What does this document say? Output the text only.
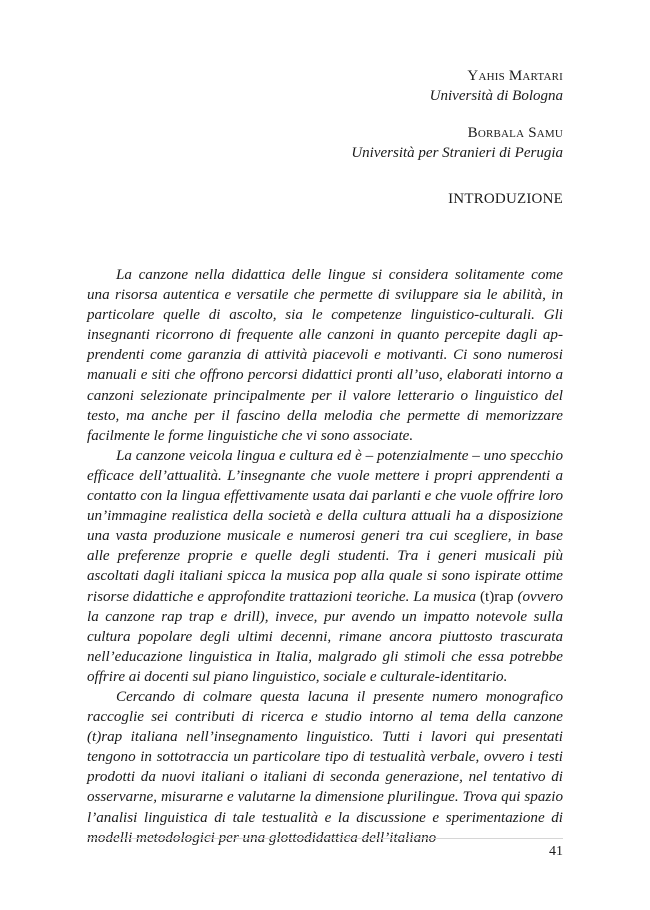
Yahis Martari
Università di Bologna
Borbala Samu
Università per Stranieri di Perugia
INTRODUZIONE

La canzone nella didattica delle lingue si considera solitamente come una risorsa autentica e versatile che permette di sviluppare sia le abilità, in particolare quelle di ascolto, sia le competenze linguistico-culturali. Gli insegnanti ricorrono di frequente alle canzoni in quanto percepite dagli apprendenti come garanzia di attività piacevoli e motivanti. Ci sono numerosi manuali e siti che offrono percorsi didattici pronti all’uso, elaborati intorno a canzoni selezionate principalmente per il valore letterario o linguistico del testo, ma anche per il fascino della melodia che permette di memorizzare facilmente le forme linguistiche che vi sono associate.

La canzone veicola lingua e cultura ed è – potenzialmente – uno specchio efficace dell’attualità. L’insegnante che vuole mettere i propri apprendenti a contatto con la lingua effettivamente usata dai parlanti e che vuole offrire loro un’immagine realistica della società e della cultura attuali ha a disposizione una vasta produzione musicale e numerosi generi tra cui scegliere, in base alle preferenze proprie e quelle degli studenti. Tra i generi musicali più ascoltati dagli italiani spicca la musica pop alla quale si sono ispirate ottime risorse didattiche e approfondite trattazioni teoriche. La musica (t)rap (ovvero la canzone rap trap e drill), invece, pur avendo un impatto notevole sulla cultura popolare degli ultimi decenni, rimane ancora piuttosto trascurata nell’educazione linguistica in Italia, malgrado gli stimoli che essa potrebbe offrire ai docenti sul piano linguistico, sociale e culturale-identitario.

Cercando di colmare questa lacuna il presente numero monografico raccoglie sei contributi di ricerca e studio intorno al tema della canzone (t)rap italiana nell’insegnamento linguistico. Tutti i lavori qui presentati tengono in sottotraccia un particolare tipo di testualità verbale, ovvero i testi prodotti da nuovi italiani o italiani di seconda generazione, nel tentativo di osservarne, misurarne e valutarne la dimensione plurilingue. Trova qui spazio l’analisi linguistica di tale testualità e la discussione e sperimentazione di modelli metodologici per una glottodidattica dell’italiano

41
